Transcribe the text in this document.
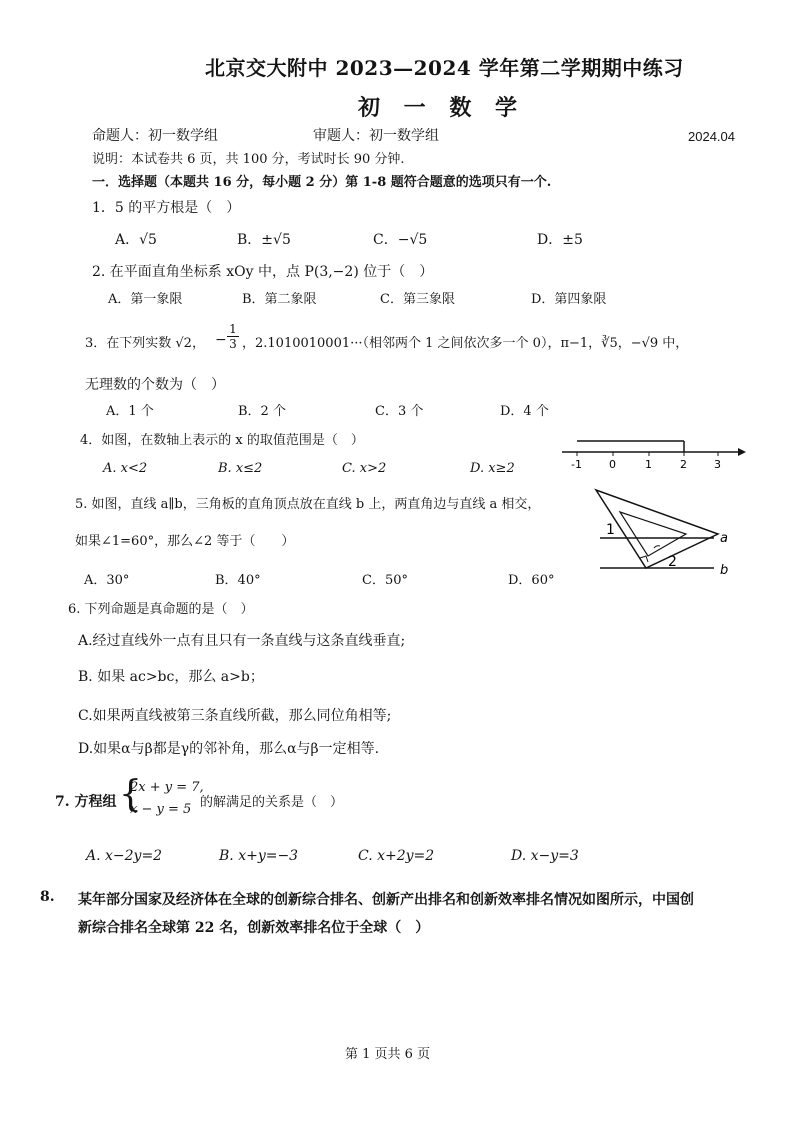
北京交大附中 2023—2024 学年第二学期期中练习
初 一 数 学
命题人：初一数学组	审题人：初一数学组	2024.04
说明：本试卷共 6 页，共 100 分，考试时长 90 分钟.
一．选择题（本题共 16 分，每小题 2 分）第 1-8 题符合题意的选项只有一个.
1．5 的平方根是（　）
A．√5	B．±√5	C．−√5	D．±5
2. 在平面直角坐标系 xOy 中，点 P(3,−2) 位于（　）
A．第一象限	B．第二象限	C．第三象限	D．第四象限
3．在下列实数 √2， −
1
3 ，2.1010010001···（相邻两个 1 之间依次多一个 0），π−1，∛5，−√9 中，
无理数的个数为（　）
A．1 个	B．2 个	C．3 个	D．4 个
4．如图，在数轴上表示的 x 的取值范围是（　）
A. x<2	B. x≤2	C. x>2	D. x≥2	-1 0	1	2 3
5. 如图，直线 a∥b，三角板的直角顶点放在直线 b 上，两直角边与直线 a 相交，
如果∠1=60°，那么∠2 等于（　　）
A．30°	B．40°	C．50°	D．60°
1
2
a
b
6. 下列命题是真命题的是（　）
A.经过直线外一点有且只有一条直线与这条直线垂直;
B. 如果 ac>bc，那么 a>b；
C.如果两直线被第三条直线所截，那么同位角相等;
D.如果α与β都是γ的邻补角，那么α与β一定相等.
7. 方程组 {
2x + y = 7,
x − y = 5 的解满足的关系是（　）
A. x−2y=2	B. x+y=−3	C. x+2y=2	D. x−y=3
8. 某年部分国家及经济体在全球的创新综合排名、创新产出排名和创新效率排名情况如图所示，中国创
新综合排名全球第 22 名，创新效率排名位于全球（　）
第 1 页共 6 页
